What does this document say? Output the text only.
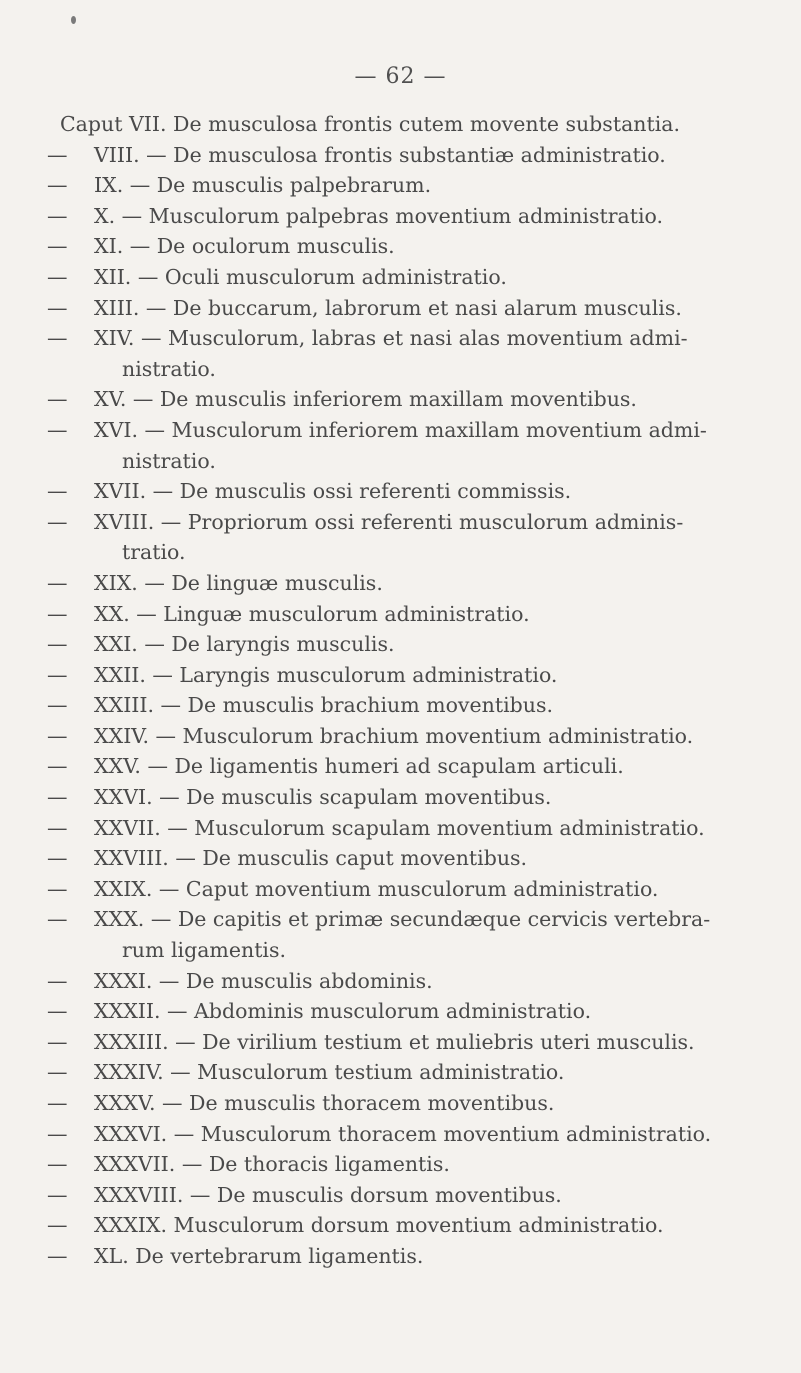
— 62 —
Caput VII. De musculosa frontis cutem movente substantia.
— VIII. — De musculosa frontis substantiæ administratio.
— IX. — De musculis palpebrarum.
— X. — Musculorum palpebras moventium administratio.
— XI. — De oculorum musculis.
— XII. — Oculi musculorum administratio.
— XIII. — De buccarum, labrorum et nasi alarum musculis.
— XIV. — Musculorum, labras et nasi alas moventium admi-
nistratio.
— XV. — De musculis inferiorem maxillam moventibus.
— XVI. — Musculorum inferiorem maxillam moventium admi-
nistratio.
— XVII. — De musculis ossi referenti commissis.
— XVIII. — Propriorum ossi referenti musculorum adminis-
tratio.
— XIX. — De linguæ musculis.
— XX. — Linguæ musculorum administratio.
— XXI. — De laryngis musculis.
— XXII. — Laryngis musculorum administratio.
— XXIII. — De musculis brachium moventibus.
— XXIV. — Musculorum brachium moventium administratio.
— XXV. — De ligamentis humeri ad scapulam articuli.
— XXVI. — De musculis scapulam moventibus.
— XXVII. — Musculorum scapulam moventium administratio.
— XXVIII. — De musculis caput moventibus.
— XXIX. — Caput moventium musculorum administratio.
— XXX. — De capitis et primæ secundæque cervicis vertebra-
rum ligamentis.
— XXXI. — De musculis abdominis.
— XXXII. — Abdominis musculorum administratio.
— XXXIII. — De virilium testium et muliebris uteri musculis.
— XXXIV. — Musculorum testium administratio.
— XXXV. — De musculis thoracem moventibus.
— XXXVI. — Musculorum thoracem moventium administratio.
— XXXVII. — De thoracis ligamentis.
— XXXVIII. — De musculis dorsum moventibus.
— XXXIX. Musculorum dorsum moventium administratio.
— XL. De vertebrarum ligamentis.
